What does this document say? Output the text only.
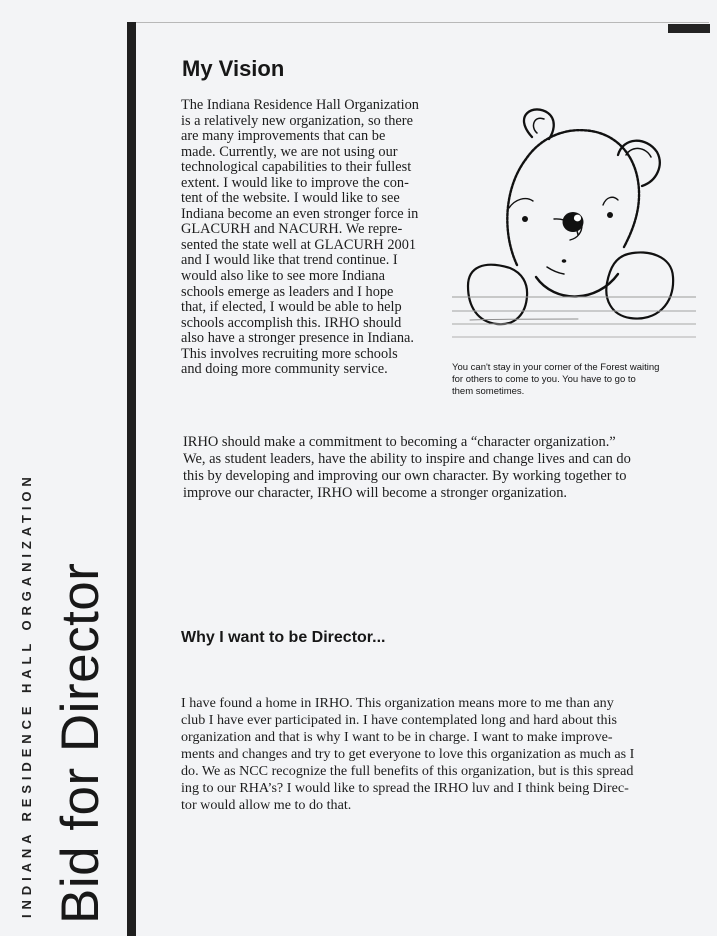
Bid for Director
INDIANA RESIDENCE HALL ORGANIZATION
My Vision

The Indiana Residence Hall Organization
is a relatively new organization, so there
are many improvements that can be
made. Currently, we are not using our
technological capabilities to their fullest
extent. I would like to improve the con-
tent of the website. I would like to see
Indiana become an even stronger force in
GLACURH and NACURH. We repre-
sented the state well at GLACURH 2001
and I would like that trend continue. I
would also like to see more Indiana
schools emerge as leaders and I hope
that, if elected, I would be able to help
schools accomplish this. IRHO should
also have a stronger presence in Indiana.
This involves recruiting more schools
and doing more community service.	You can't stay in your corner of the Forest waiting
for others to come to you. You have to go to
them sometimes.

IRHO should make a commitment to becoming a “character organization.”
We, as student leaders, have the ability to inspire and change lives and can do
this by developing and improving our own character. By working together to
improve our character, IRHO will become a stronger organization.

Why I want to be Director...

I have found a home in IRHO. This organization means more to me than any
club I have ever participated in. I have contemplated long and hard about this
organization and that is why I want to be in charge. I want to make improve-
ments and changes and try to get everyone to love this organization as much as I
do. We as NCC recognize the full benefits of this organization, but is this spread
ing to our RHA’s? I would like to spread the IRHO luv and I think being Direc-
tor would allow me to do that.
